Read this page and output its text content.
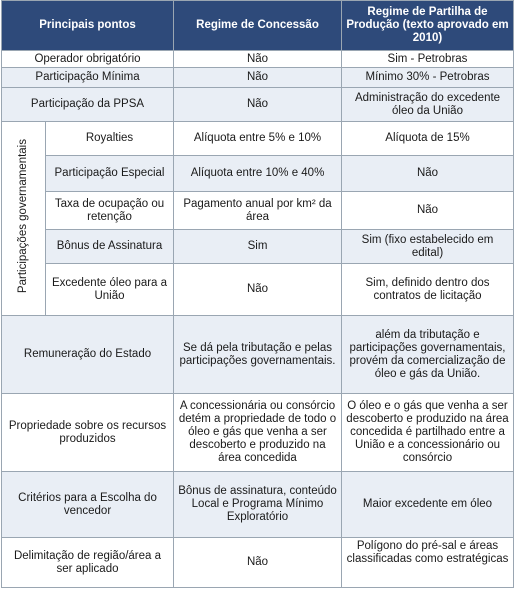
Principais pontos		Regime de Concessão	Regime de Partilha de Produção (texto aprovado em 2010)
Operador obrigatório		Não	Sim - Petrobras
Participação Mínima		Não	Mínimo 30% - Petrobras
Participação da PPSA		Não	Administração do excedente óleo da União
Participações governamentais	Royalties	Alíquota entre 5% e 10%	Alíquota de 15%
	Participação Especial	Alíquota entre 10% e 40%	Não
	Taxa de ocupação ou retenção	Pagamento anual por km² da área	Não
	Bônus de Assinatura	Sim	Sim (fixo estabelecido em edital)
	Excedente óleo para a União	Não	Sim, definido dentro dos contratos de licitação
Remuneração do Estado		Se dá pela tributação e pelas participações governamentais.	além da tributação e participações governamentais, provém da comercialização de óleo e gás da União.
Propriedade sobre os recursos produzidos		A concessionária ou consórcio detém a propriedade de todo o óleo e gás que venha a ser descoberto e produzido na área concedida	O óleo e o gás que venha a ser descoberto e produzido na área concedida é partilhado entre a União e a concessionário ou consórcio
Critérios para a Escolha do vencedor		Bônus de assinatura, conteúdo Local e Programa Mínimo Exploratório	Maior excedente em óleo
Delimitação de região/área a ser aplicado		Não	Polígono do pré-sal e áreas classificadas como estratégicas
